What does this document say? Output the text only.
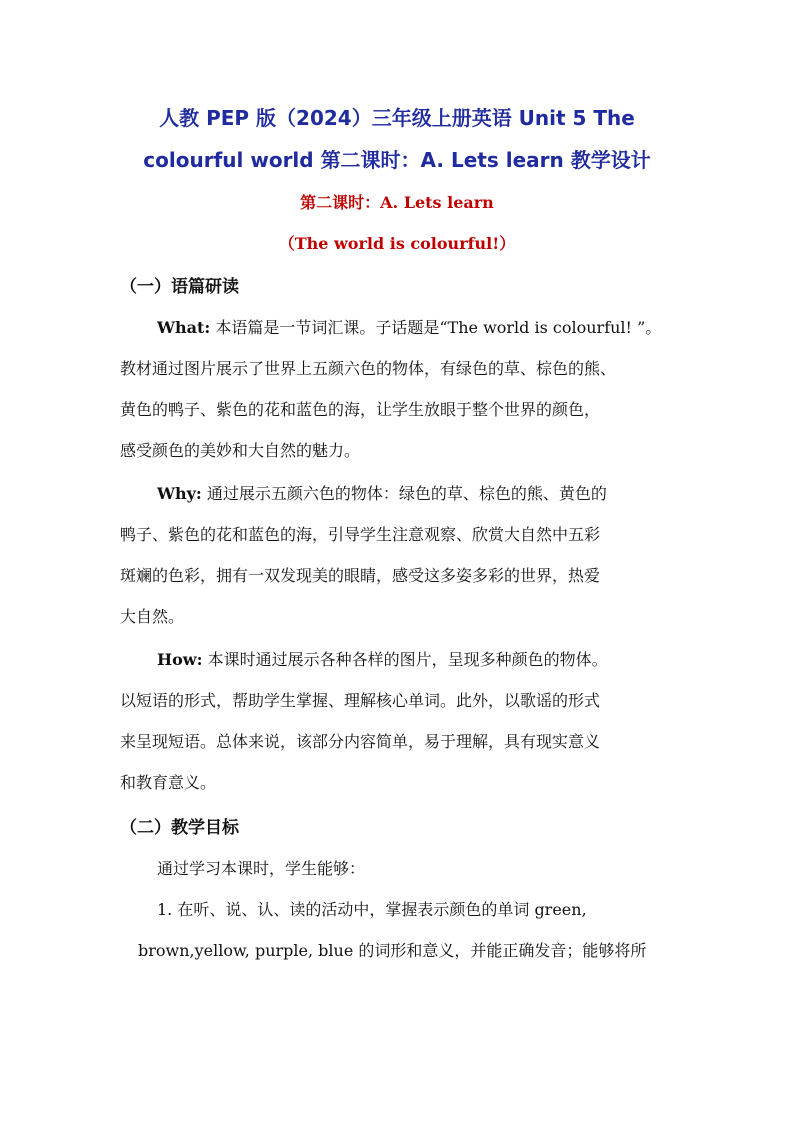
人教 PEP 版（2024）三年级上册英语 Unit 5 The
colourful world 第二课时：A. Lets learn 教学设计
第二课时：A. Lets learn
（The world is colourful!）
（一）语篇研读
What: 本语篇是一节词汇课。子话题是“The world is colourful! ”。
教材通过图片展示了世界上五颜六色的物体，有绿色的草、棕色的熊、
黄色的鸭子、紫色的花和蓝色的海，让学生放眼于整个世界的颜色，
感受颜色的美妙和大自然的魅力。
Why: 通过展示五颜六色的物体：绿色的草、棕色的熊、黄色的
鸭子、紫色的花和蓝色的海，引导学生注意观察、欣赏大自然中五彩
斑斓的色彩，拥有一双发现美的眼睛，感受这多姿多彩的世界，热爱
大自然。
How: 本课时通过展示各种各样的图片，呈现多种颜色的物体。
以短语的形式，帮助学生掌握、理解核心单词。此外，以歌谣的形式
来呈现短语。总体来说，该部分内容简单，易于理解，具有现实意义
和教育意义。
（二）教学目标
通过学习本课时，学生能够：
1. 在听、说、认、读的活动中，掌握表示颜色的单词 green,
brown,yellow, purple, blue 的词形和意义，并能正确发音；能够将所
